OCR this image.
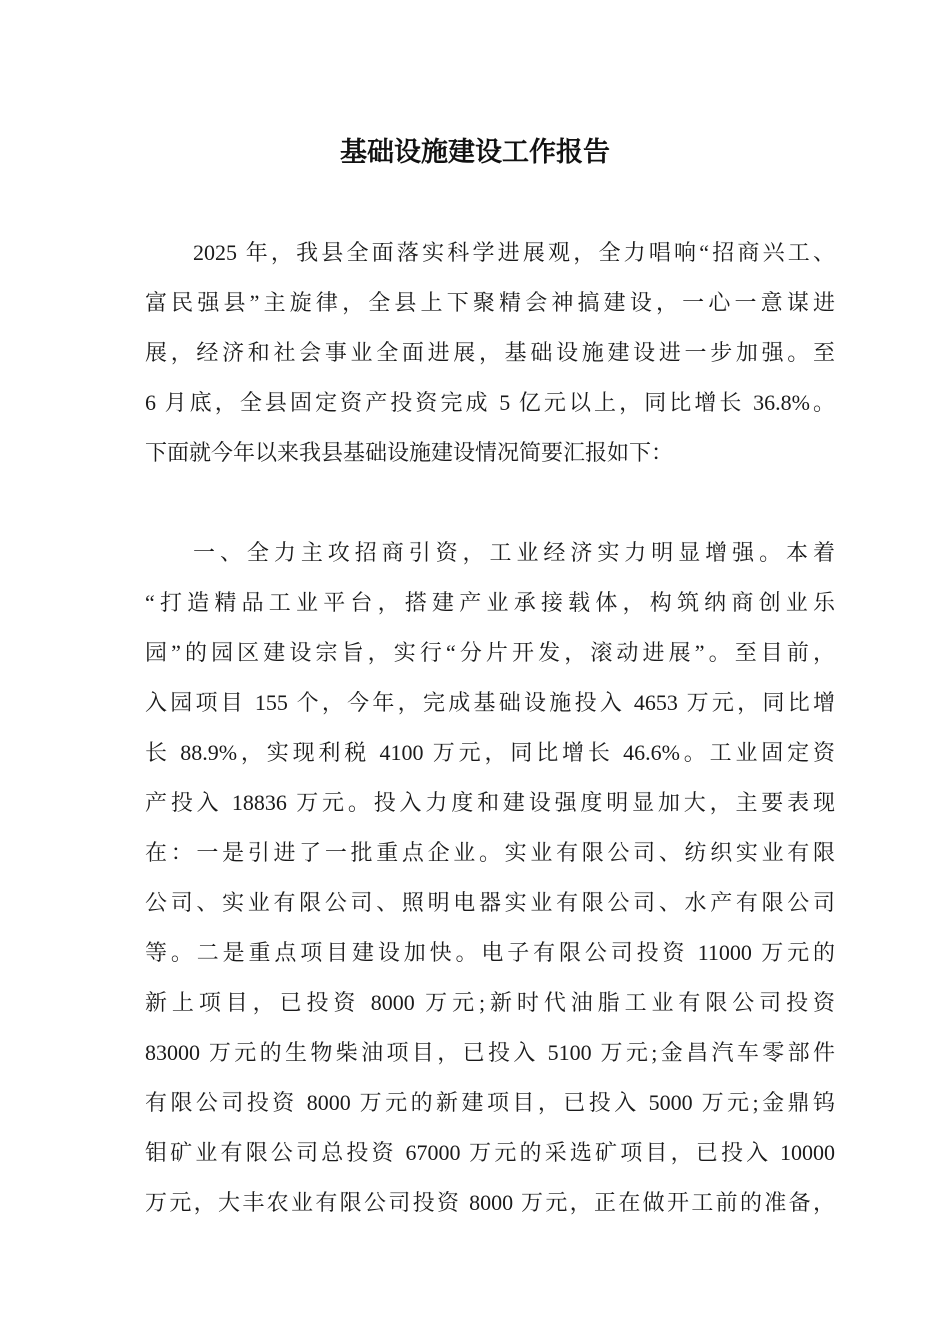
基础设施建设工作报告
2025 年，我县全面落实科学进展观，全力唱响“招商兴工、
富民强县”主旋律，全县上下聚精会神搞建设，一心一意谋进
展，经济和社会事业全面进展，基础设施建设进一步加强。至
6 月底，全县固定资产投资完成 5 亿元以上，同比增长 36.8%。
下面就今年以来我县基础设施建设情况简要汇报如下：
一、全力主攻招商引资，工业经济实力明显增强。本着
“打造精品工业平台，搭建产业承接载体，构筑纳商创业乐
园”的园区建设宗旨，实行“分片开发，滚动进展”。至目前，
入园项目 155 个，今年，完成基础设施投入 4653 万元，同比增
长 88.9%，实现利税 4100 万元，同比增长 46.6%。工业固定资
产投入 18836 万元。投入力度和建设强度明显加大，主要表现
在：一是引进了一批重点企业。实业有限公司、纺织实业有限
公司、实业有限公司、照明电器实业有限公司、水产有限公司
等。二是重点项目建设加快。电子有限公司投资 11000 万元的
新上项目，已投资 8000 万元;新时代油脂工业有限公司投资
83000 万元的生物柴油项目，已投入 5100 万元;金昌汽车零部件
有限公司投资 8000 万元的新建项目，已投入 5000 万元;金鼎钨
钼矿业有限公司总投资 67000 万元的采选矿项目，已投入 10000
万元，大丰农业有限公司投资 8000 万元，正在做开工前的准备，
